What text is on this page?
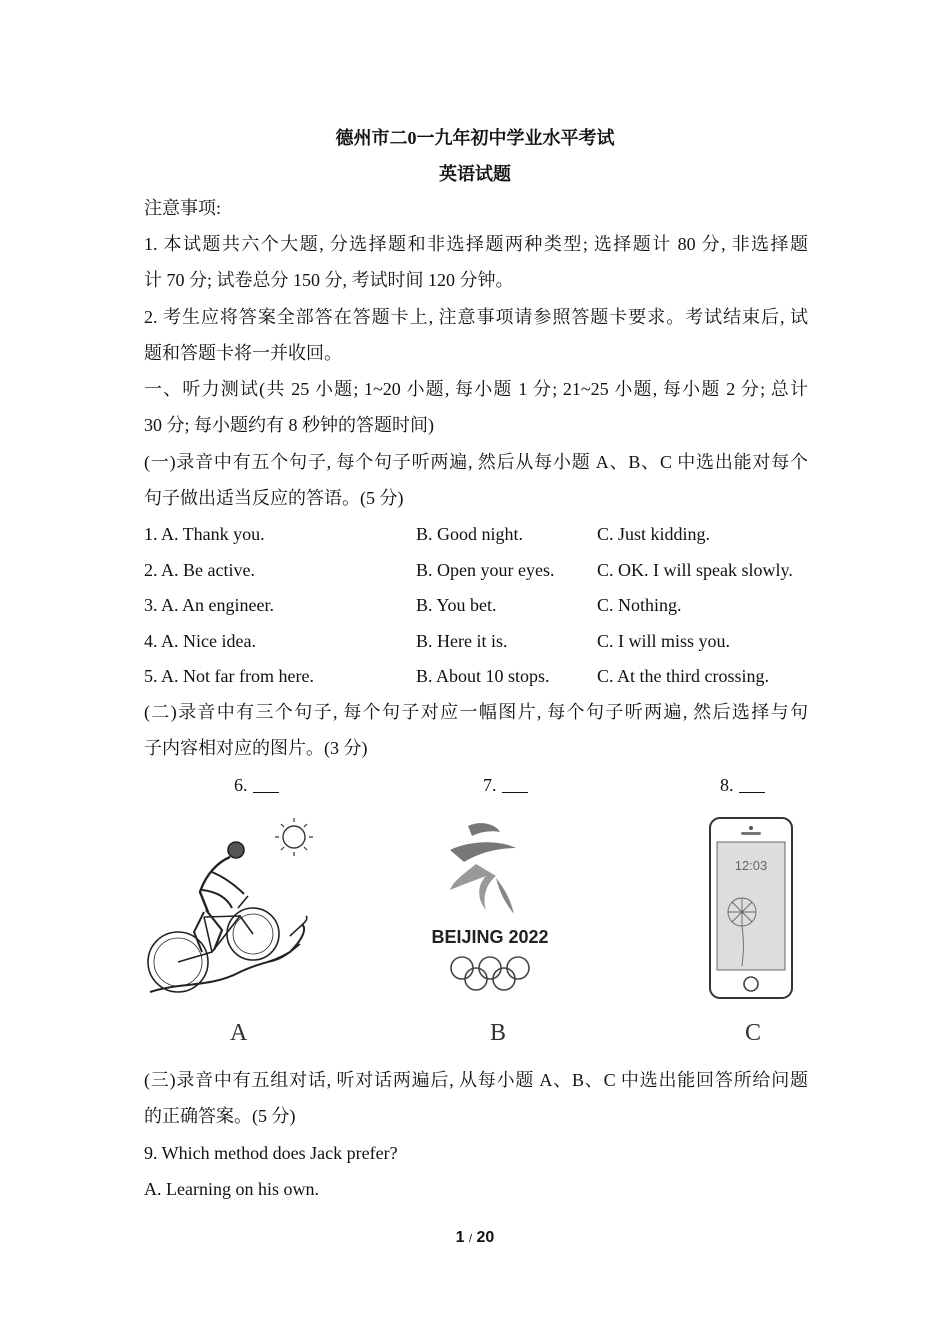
德州市二0一九年初中学业水平考试
英语试题
注意事项:
1. 本试题共六个大题, 分选择题和非选择题两种类型; 选择题计 80 分, 非选择题
计 70 分; 试卷总分 150 分, 考试时间 120 分钟。
2. 考生应将答案全部答在答题卡上, 注意事项请参照答题卡要求。考试结束后, 试
题和答题卡将一并收回。
一、听力测试(共 25 小题; 1~20 小题, 每小题 1 分; 21~25 小题, 每小题 2 分; 总计
30 分; 每小题约有 8 秒钟的答题时间)
(一)录音中有五个句子, 每个句子听两遍, 然后从每小题 A、B、C 中选出能对每个
句子做出适当反应的答语。(5 分)
1. A. Thank you.	B. Good night.	C. Just kidding.
2. A. Be active.	B. Open your eyes. C. OK. I will speak slowly.
3. A. An engineer.	B. You bet.	C. Nothing.
4. A. Nice idea.	B. Here it is.	C. I will miss you.
5. A. Not far from here.	B. About 10 stops.	C. At the third crossing.
(二)录音中有三个句子, 每个句子对应一幅图片, 每个句子听两遍, 然后选择与句
子内容相对应的图片。(3 分)
6.	7.	8.
A
BEIJING 2022
B
12:03
C
(三)录音中有五组对话, 听对话两遍后, 从每小题 A、B、C 中选出能回答所给问题
的正确答案。(5 分)
9. Which method does Jack prefer?
A. Learning on his own.
1 / 20
